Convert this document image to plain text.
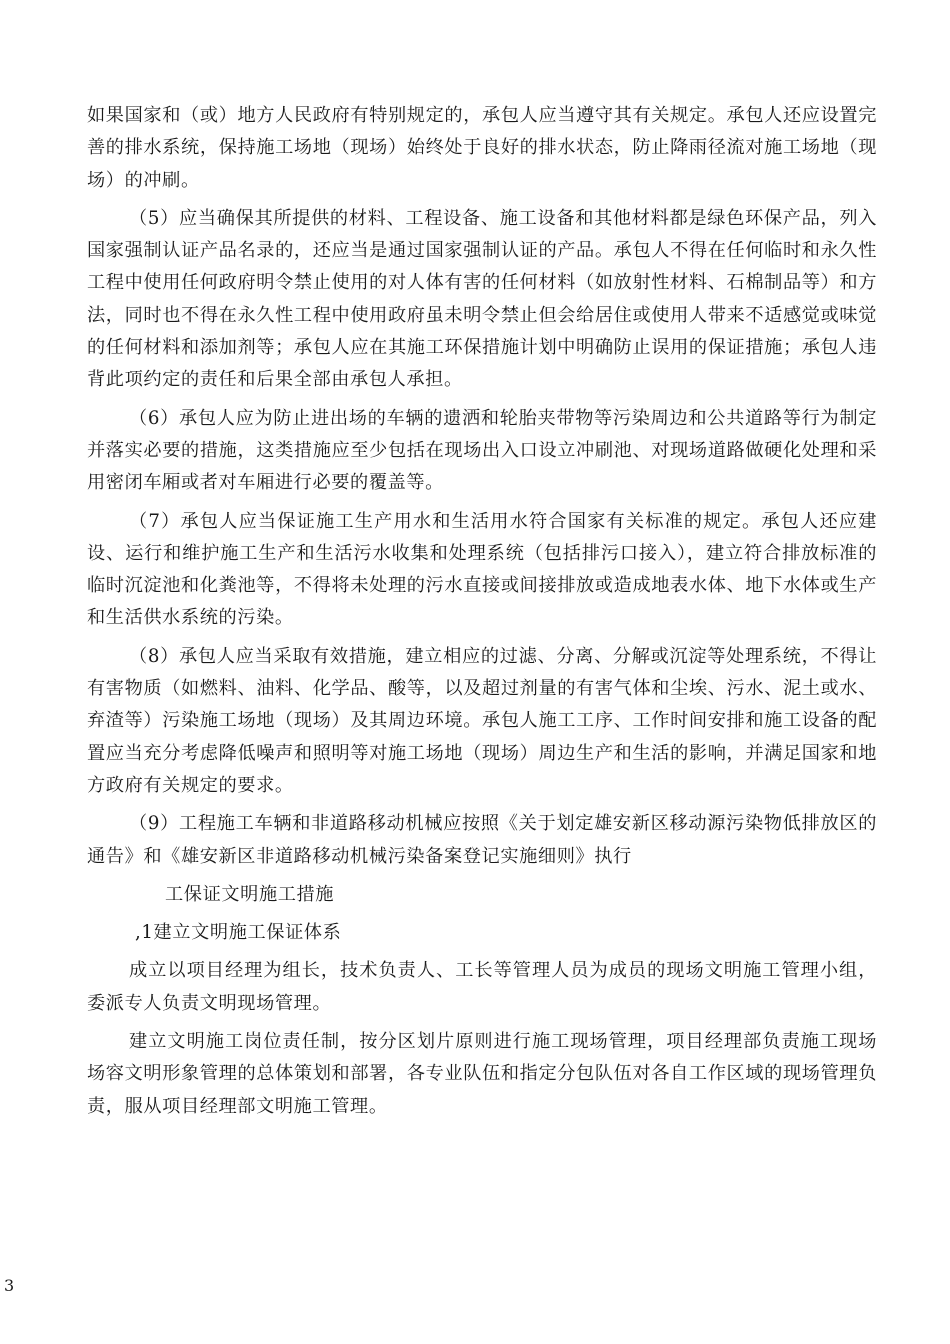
如果国家和（或）地方人民政府有特别规定的，承包人应当遵守其有关规定。承包人还应设置完善的排水系统，保持施工场地（现场）始终处于良好的排水状态，防止降雨径流对施工场地（现场）的冲刷。

（5）应当确保其所提供的材料、工程设备、施工设备和其他材料都是绿色环保产品，列入国家强制认证产品名录的，还应当是通过国家强制认证的产品。承包人不得在任何临时和永久性工程中使用任何政府明令禁止使用的对人体有害的任何材料（如放射性材料、石棉制品等）和方法，同时也不得在永久性工程中使用政府虽未明令禁止但会给居住或使用人带来不适感觉或味觉的任何材料和添加剂等；承包人应在其施工环保措施计划中明确防止误用的保证措施；承包人违背此项约定的责任和后果全部由承包人承担。

（6）承包人应为防止进出场的车辆的遗洒和轮胎夹带物等污染周边和公共道路等行为制定并落实必要的措施，这类措施应至少包括在现场出入口设立冲刷池、对现场道路做硬化处理和采用密闭车厢或者对车厢进行必要的覆盖等。

（7）承包人应当保证施工生产用水和生活用水符合国家有关标准的规定。承包人还应建设、运行和维护施工生产和生活污水收集和处理系统（包括排污口接入），建立符合排放标准的临时沉淀池和化粪池等，不得将未处理的污水直接或间接排放或造成地表水体、地下水体或生产和生活供水系统的污染。

（8）承包人应当采取有效措施，建立相应的过滤、分离、分解或沉淀等处理系统，不得让有害物质（如燃料、油料、化学品、酸等，以及超过剂量的有害气体和尘埃、污水、泥土或水、弃渣等）污染施工场地（现场）及其周边环境。承包人施工工序、工作时间安排和施工设备的配置应当充分考虑降低噪声和照明等对施工场地（现场）周边生产和生活的影响，并满足国家和地方政府有关规定的要求。

（9）工程施工车辆和非道路移动机械应按照《关于划定雄安新区移动源污染物低排放区的通告》和《雄安新区非道路移动机械污染备案登记实施细则》执行

工保证文明施工措施

,1建立文明施工保证体系

成立以项目经理为组长，技术负责人、工长等管理人员为成员的现场文明施工管理小组，委派专人负责文明现场管理。

建立文明施工岗位责任制，按分区划片原则进行施工现场管理，项目经理部负责施工现场场容文明形象管理的总体策划和部署，各专业队伍和指定分包队伍对各自工作区域的现场管理负责，服从项目经理部文明施工管理。

3
